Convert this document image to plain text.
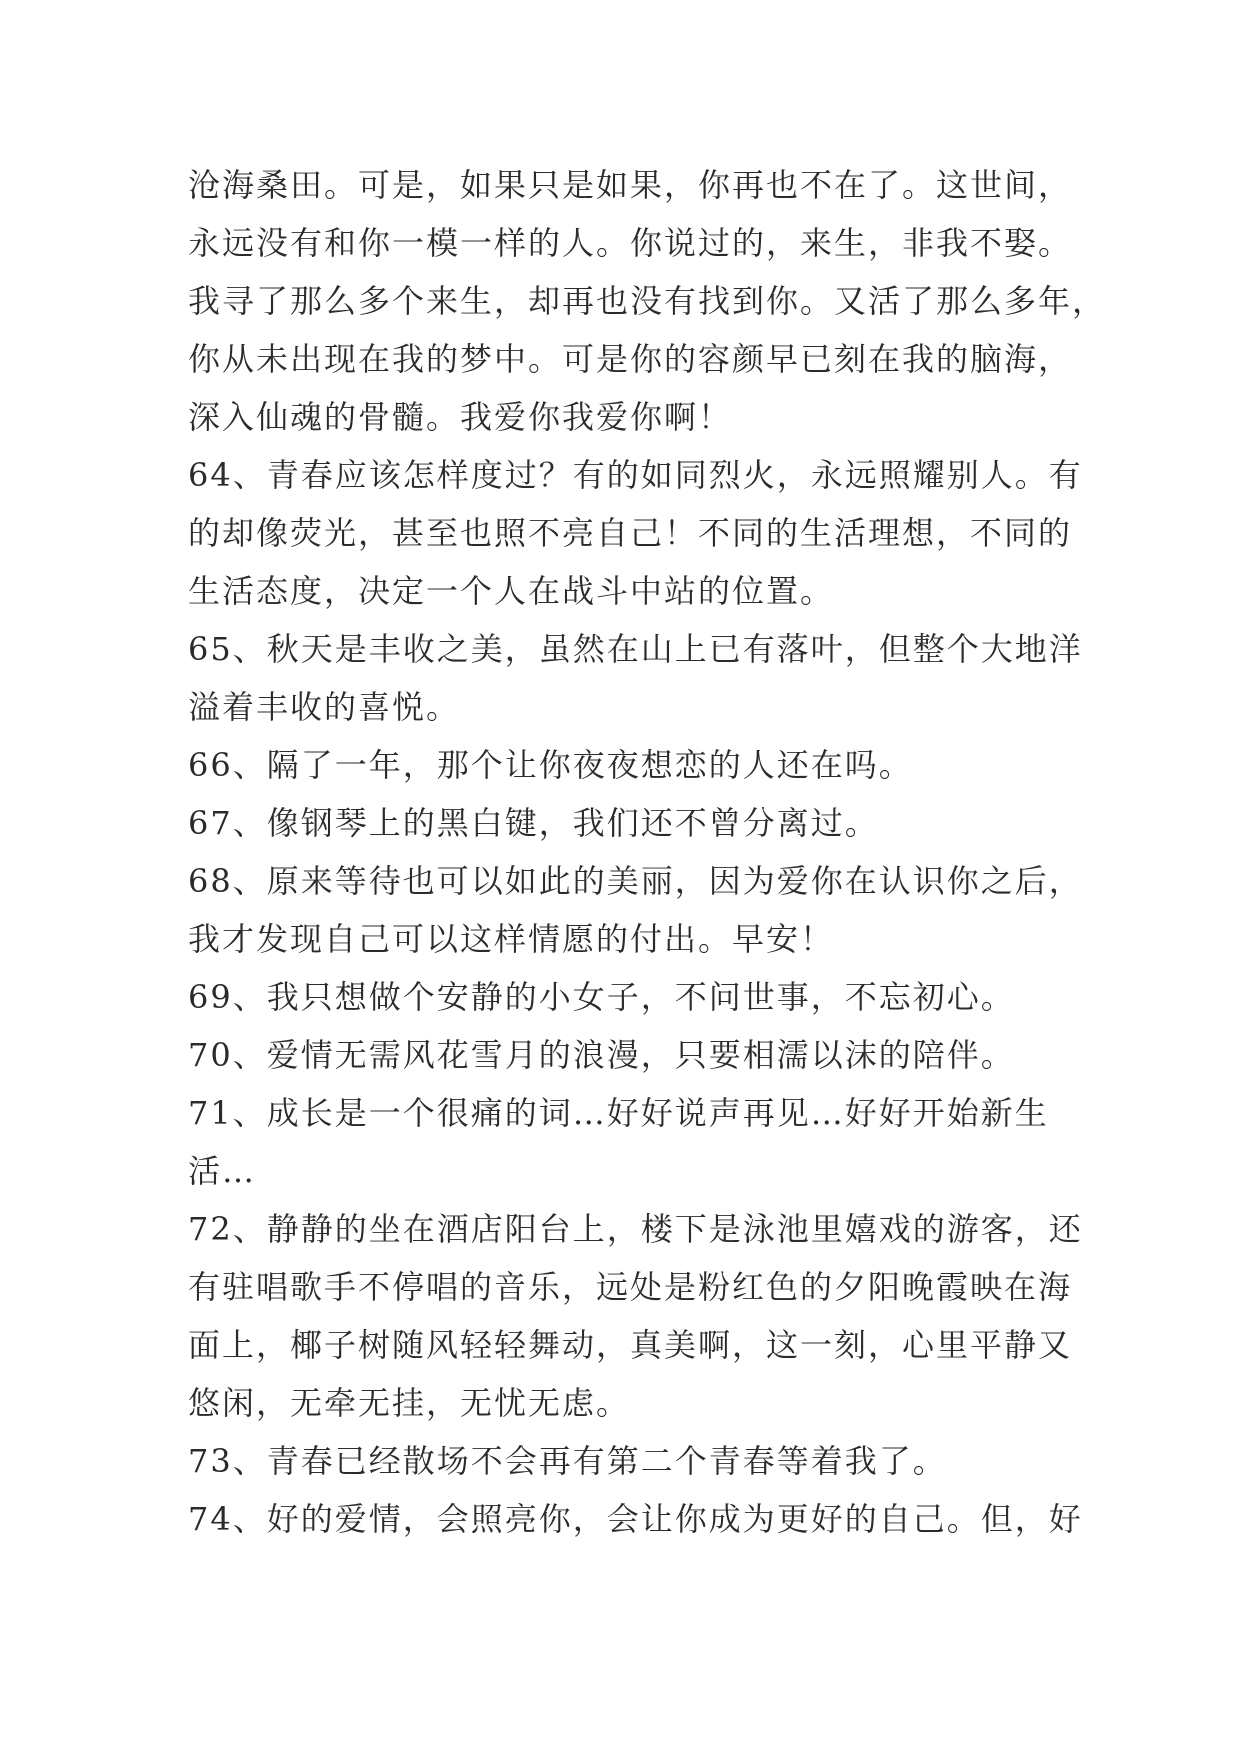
沧海桑田。可是，如果只是如果，你再也不在了。这世间，
永远没有和你一模一样的人。你说过的，来生，非我不娶。
我寻了那么多个来生，却再也没有找到你。又活了那么多年，
你从未出现在我的梦中。可是你的容颜早已刻在我的脑海，
深入仙魂的骨髓。我爱你我爱你啊！
64、青春应该怎样度过？有的如同烈火，永远照耀别人。有
的却像荧光，甚至也照不亮自己！不同的生活理想，不同的
生活态度，决定一个人在战斗中站的位置。
65、秋天是丰收之美，虽然在山上已有落叶，但整个大地洋
溢着丰收的喜悦。
66、隔了一年，那个让你夜夜想恋的人还在吗。
67、像钢琴上的黑白键，我们还不曾分离过。
68、原来等待也可以如此的美丽，因为爱你在认识你之后，
我才发现自己可以这样情愿的付出。早安！
69、我只想做个安静的小女子，不问世事，不忘初心。
70、爱情无需风花雪月的浪漫，只要相濡以沫的陪伴。
71、成长是一个很痛的词…好好说声再见…好好开始新生
活…
72、静静的坐在酒店阳台上，楼下是泳池里嬉戏的游客，还
有驻唱歌手不停唱的音乐，远处是粉红色的夕阳晚霞映在海
面上，椰子树随风轻轻舞动，真美啊，这一刻，心里平静又
悠闲，无牵无挂，无忧无虑。
73、青春已经散场不会再有第二个青春等着我了。
74、好的爱情，会照亮你，会让你成为更好的自己。但，好
